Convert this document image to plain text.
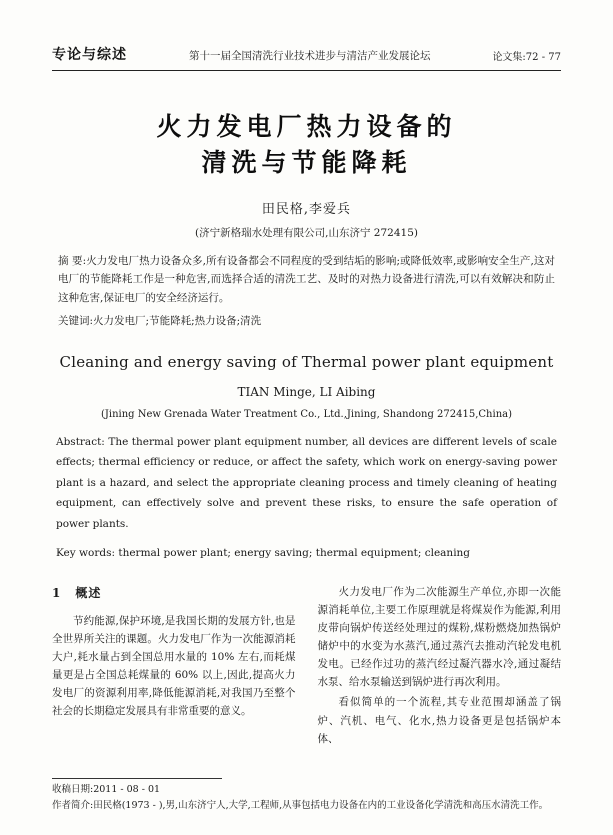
专论与综述	第十一届全国清洗行业技术进步与清洁产业发展论坛	论文集:72 - 77
火力发电厂热力设备的
清洗与节能降耗
田民格,李爱兵
(济宁新格瑞水处理有限公司,山东济宁 272415)
摘 要:火力发电厂热力设备众多,所有设备都会不同程度的受到结垢的影响;或降低效率,或影响安全生产,这对电厂的节能降耗工作是一种危害,而选择合适的清洗工艺、及时的对热力设备进行清洗,可以有效解决和防止这种危害,保证电厂的安全经济运行。
关键词:火力发电厂;节能降耗;热力设备;清洗
Cleaning and energy saving of Thermal power plant equipment
TIAN Minge, LI Aibing
(Jining New Grenada Water Treatment Co., Ltd.,Jining, Shandong 272415,China)
Abstract: The thermal power plant equipment number, all devices are different levels of scale effects; thermal efficiency or reduce, or affect the safety, which work on energy-saving power plant is a hazard, and select the appropriate cleaning process and timely cleaning of heating equipment, can effectively solve and prevent these risks, to ensure the safe operation of power plants.
Key words: thermal power plant; energy saving; thermal equipment; cleaning
1 概述

节约能源,保护环境,是我国长期的发展方针,也是全世界所关注的课题。火力发电厂作为一次能源消耗大户,耗水量占到全国总用水量的 10% 左右,而耗煤量更是占全国总耗煤量的 60% 以上,因此,提高火力发电厂的资源利用率,降低能源消耗,对我国乃至整个社会的长期稳定发展具有非常重要的意义。

火力发电厂作为二次能源生产单位,亦即一次能源消耗单位,主要工作原理就是将煤炭作为能源,利用皮带向锅炉传送经处理过的煤粉,煤粉燃烧加热锅炉储炉中的水变为水蒸汽,通过蒸汽去推动汽轮发电机发电。已经作过功的蒸汽经过凝汽器水冷,通过凝结水泵、给水泵输送到锅炉进行再次利用。

看似简单的一个流程,其专业范围却涵盖了锅炉、汽机、电气、化水,热力设备更是包括锅炉本体、

收稿日期:2011 - 08 - 01
作者简介:田民格(1973 - ),男,山东济宁人,大学,工程师,从事包括电力设备在内的工业设备化学清洗和高压水清洗工作。
